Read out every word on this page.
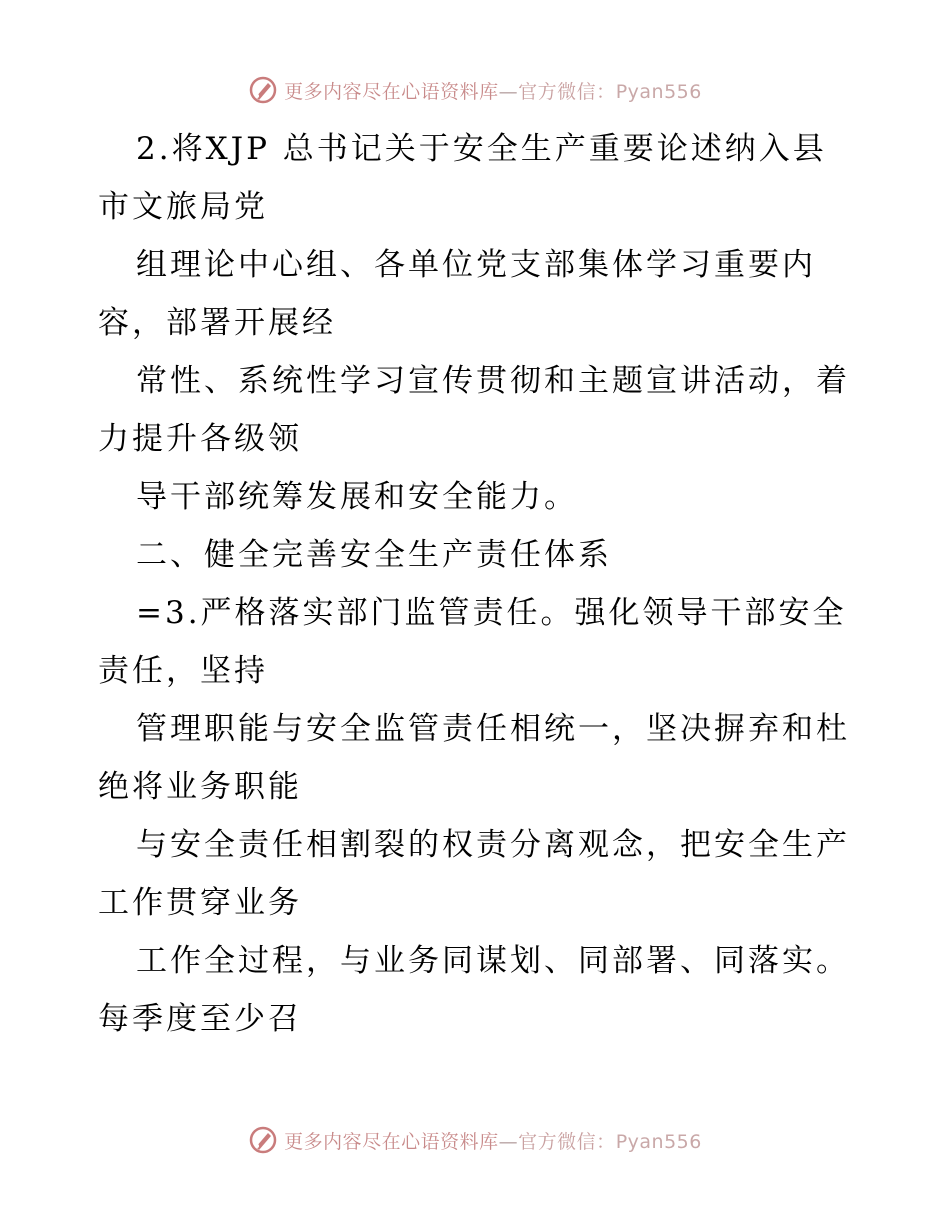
更多内容尽在心语资料库—官方微信：Pyan556
2.将XJP 总书记关于安全生产重要论述纳入县
市文旅局党
组理论中心组、各单位党支部集体学习重要内
容，部署开展经
常性、系统性学习宣传贯彻和主题宣讲活动，着
力提升各级领
导干部统筹发展和安全能力。
二、健全完善安全生产责任体系
=3.严格落实部门监管责任。强化领导干部安全
责任，坚持
管理职能与安全监管责任相统一，坚决摒弃和杜
绝将业务职能
与安全责任相割裂的权责分离观念，把安全生产
工作贯穿业务
工作全过程，与业务同谋划、同部署、同落实。
每季度至少召
更多内容尽在心语资料库—官方微信：Pyan556
